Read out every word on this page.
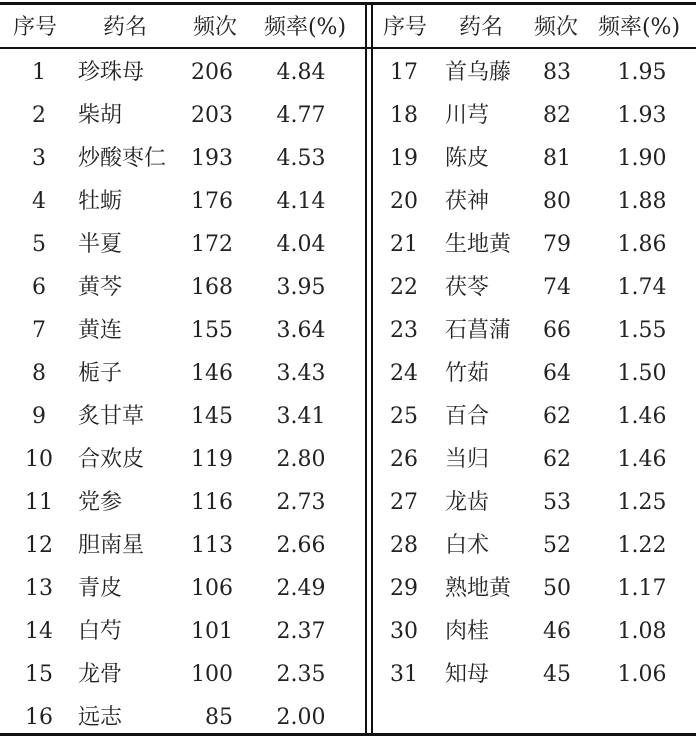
序号	药名	频次	频率(%)	序号	药名	频次 频率(%)
1	珍珠母	206	4.84
2	柴胡	203	4.77
3	炒酸枣仁	193	4.53
4	牡蛎	176	4.14
5	半夏	172	4.04
6	黄芩	168	3.95
7	黄连	155	3.64
8	栀子	146	3.43
9	炙甘草	145	3.41
10	合欢皮	119	2.80
11	党参	116	2.73
12	胆南星	113	2.66
13	青皮	106	2.49
14	白芍	101	2.37
15	龙骨	100	2.35
16	远志	85	2.00
17	首乌藤	83	1.95
18	川芎	82	1.93
19	陈皮	81	1.90
20	茯神	80	1.88
21	生地黄	79	1.86
22	茯苓	74	1.74
23	石菖蒲	66	1.55
24	竹茹	64	1.50
25	百合	62	1.46
26	当归	62	1.46
27	龙齿	53	1.25
28	白术	52	1.22
29	熟地黄	50	1.17
30	肉桂	46	1.08
31	知母	45	1.06
